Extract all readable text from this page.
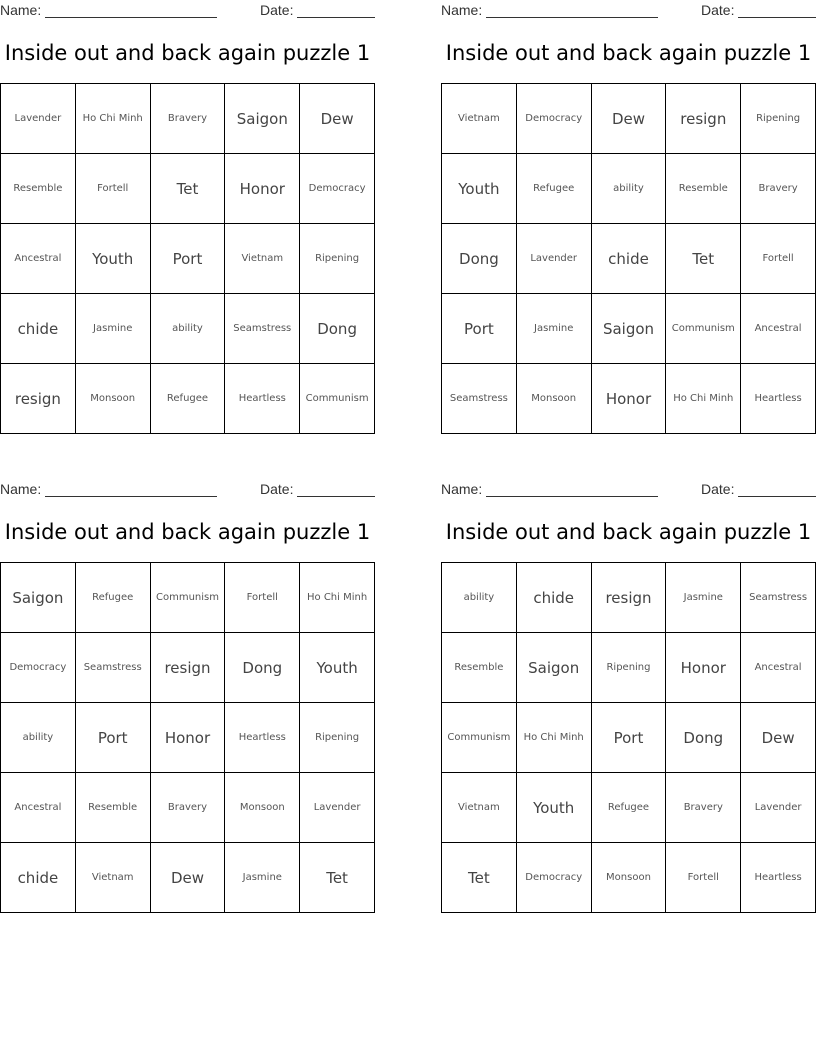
Name:	Date:
Inside out and back again puzzle 1
Lavender	Ho Chi Minh	Bravery	Saigon	Dew
Resemble	Fortell	Tet	Honor	Democracy
Ancestral	Youth	Port	Vietnam	Ripening
chide	Jasmine	ability	Seamstress	Dong
resign	Monsoon	Refugee	Heartless	Communism
Name:	Date:
Inside out and back again puzzle 1
Vietnam	Democracy	Dew	resign	Ripening
Youth	Refugee	ability	Resemble	Bravery
Dong	Lavender	chide	Tet	Fortell
Port	Jasmine	Saigon	Communism	Ancestral
Seamstress	Monsoon	Honor	Ho Chi Minh	Heartless
Name:	Date:
Inside out and back again puzzle 1
Saigon	Refugee	Communism	Fortell	Ho Chi Minh
Democracy	Seamstress	resign	Dong	Youth
ability	Port	Honor	Heartless	Ripening
Ancestral	Resemble	Bravery	Monsoon	Lavender
chide	Vietnam	Dew	Jasmine	Tet
Name:	Date:
Inside out and back again puzzle 1
ability	chide	resign	Jasmine	Seamstress
Resemble	Saigon	Ripening	Honor	Ancestral
Communism	Ho Chi Minh	Port	Dong	Dew
Vietnam	Youth	Refugee	Bravery	Lavender
Tet	Democracy	Monsoon	Fortell	Heartless
